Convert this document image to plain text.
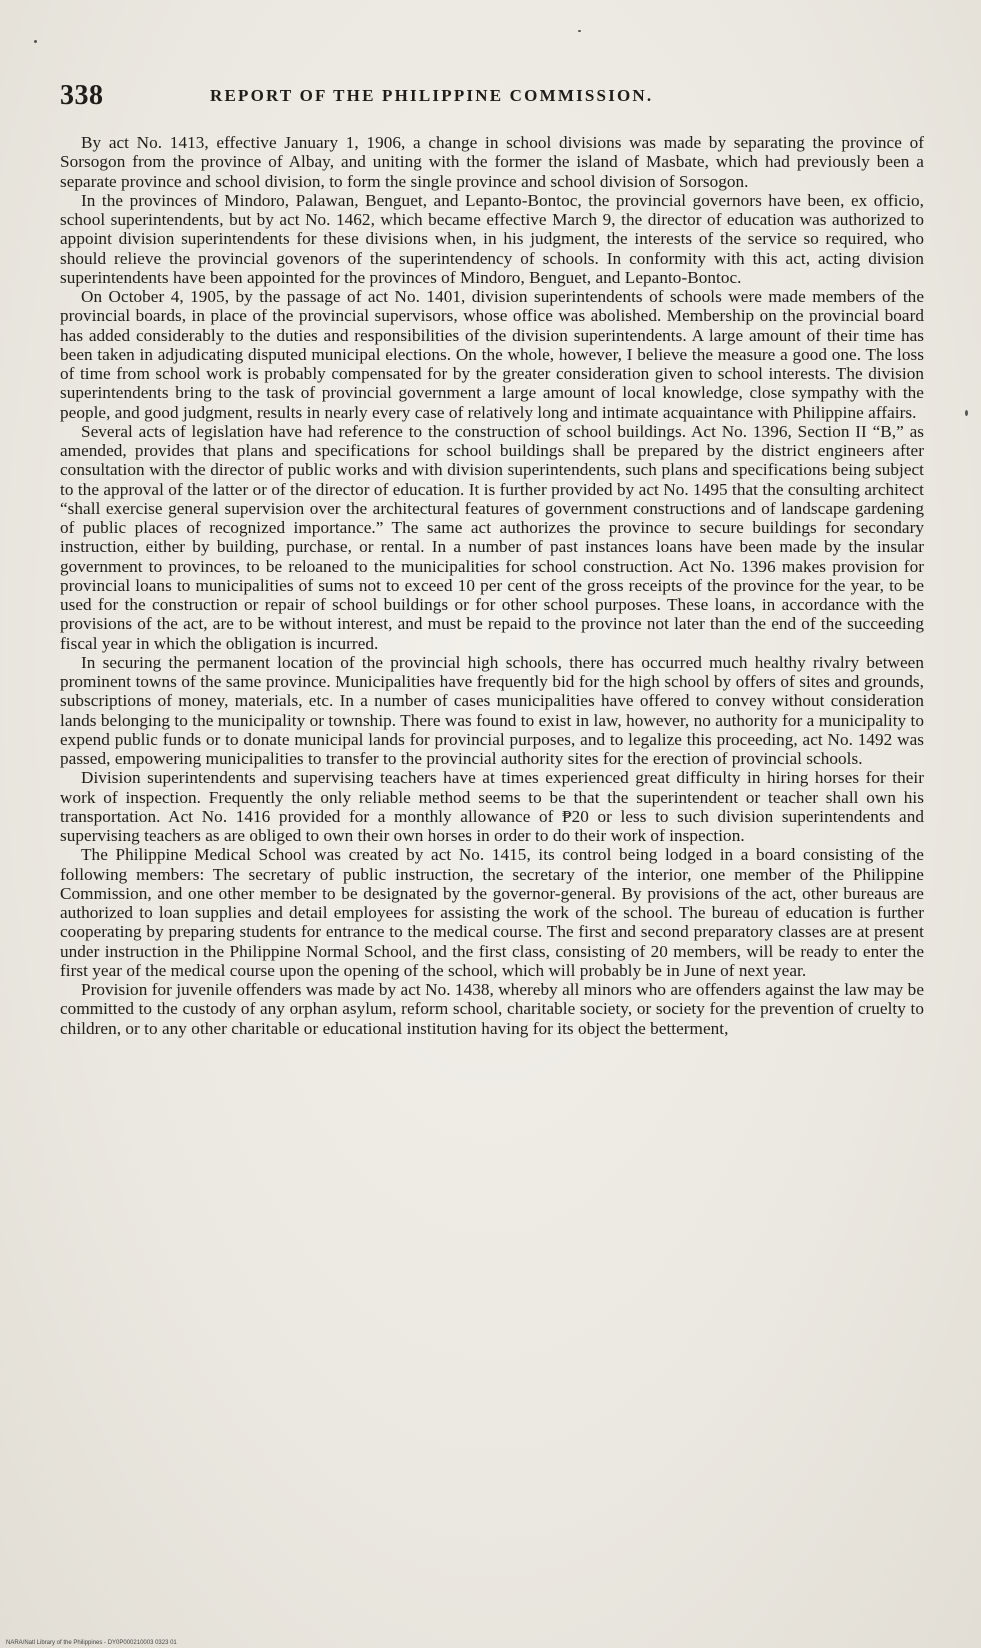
338	REPORT OF THE PHILIPPINE COMMISSION.

By act No. 1413, effective January 1, 1906, a change in school divisions was made by separating the province of Sorsogon from the province of Albay, and uniting with the former the island of Masbate, which had previously been a separate province and school division, to form the single province and school division of Sorsogon.

In the provinces of Mindoro, Palawan, Benguet, and Lepanto-Bontoc, the provincial governors have been, ex officio, school superintendents, but by act No. 1462, which became effective March 9, the director of education was authorized to appoint division superintendents for these divisions when, in his judgment, the interests of the service so required, who should relieve the provincial govenors of the superintendency of schools. In conformity with this act, acting division superintendents have been appointed for the provinces of Mindoro, Benguet, and Lepanto-Bontoc.

On October 4, 1905, by the passage of act No. 1401, division superintendents of schools were made members of the provincial boards, in place of the provincial supervisors, whose office was abolished. Membership on the provincial board has added considerably to the duties and responsibilities of the division superintendents. A large amount of their time has been taken in adjudicating disputed municipal elections. On the whole, however, I believe the measure a good one. The loss of time from school work is probably compensated for by the greater consideration given to school interests. The division superintendents bring to the task of provincial government a large amount of local knowledge, close sympathy with the people, and good judgment, results in nearly every case of relatively long and intimate acquaintance with Philippine affairs.

Several acts of legislation have had reference to the construction of school buildings. Act No. 1396, Section II “B,” as amended, provides that plans and specifications for school buildings shall be prepared by the district engineers after consultation with the director of public works and with division superintendents, such plans and specifications being subject to the approval of the latter or of the director of education. It is further provided by act No. 1495 that the consulting architect “shall exercise general supervision over the architectural features of government constructions and of landscape gardening of public places of recognized importance.” The same act authorizes the province to secure buildings for secondary instruction, either by building, purchase, or rental. In a number of past instances loans have been made by the insular government to provinces, to be reloaned to the municipalities for school construction. Act No. 1396 makes provision for provincial loans to municipalities of sums not to exceed 10 per cent of the gross receipts of the province for the year, to be used for the construction or repair of school buildings or for other school purposes. These loans, in accordance with the provisions of the act, are to be without interest, and must be repaid to the province not later than the end of the succeeding fiscal year in which the obligation is incurred.

In securing the permanent location of the provincial high schools, there has occurred much healthy rivalry between prominent towns of the same province. Municipalities have frequently bid for the high school by offers of sites and grounds, subscriptions of money, materials, etc. In a number of cases municipalities have offered to convey without consideration lands belonging to the municipality or township. There was found to exist in law, however, no authority for a municipality to expend public funds or to donate municipal lands for provincial purposes, and to legalize this proceeding, act No. 1492 was passed, empowering municipalities to transfer to the provincial authority sites for the erection of provincial schools.

Division superintendents and supervising teachers have at times experienced great difficulty in hiring horses for their work of inspection. Frequently the only reliable method seems to be that the superintendent or teacher shall own his transportation. Act No. 1416 provided for a monthly allowance of ₱20 or less to such division superintendents and supervising teachers as are obliged to own their own horses in order to do their work of inspection.

The Philippine Medical School was created by act No. 1415, its control being lodged in a board consisting of the following members: The secretary of public instruction, the secretary of the interior, one member of the Philippine Commission, and one other member to be designated by the governor-general. By provisions of the act, other bureaus are authorized to loan supplies and detail employees for assisting the work of the school. The bureau of education is further cooperating by preparing students for entrance to the medical course. The first and second preparatory classes are at present under instruction in the Philippine Normal School, and the first class, consisting of 20 members, will be ready to enter the first year of the medical course upon the opening of the school, which will probably be in June of next year.

Provision for juvenile offenders was made by act No. 1438, whereby all minors who are offenders against the law may be committed to the custody of any orphan asylum, reform school, charitable society, or society for the prevention of cruelty to children, or to any other charitable or educational institution having for its object the betterment,

NARA/Natl Library of the Philippines - DY0P000210003 0323 01
